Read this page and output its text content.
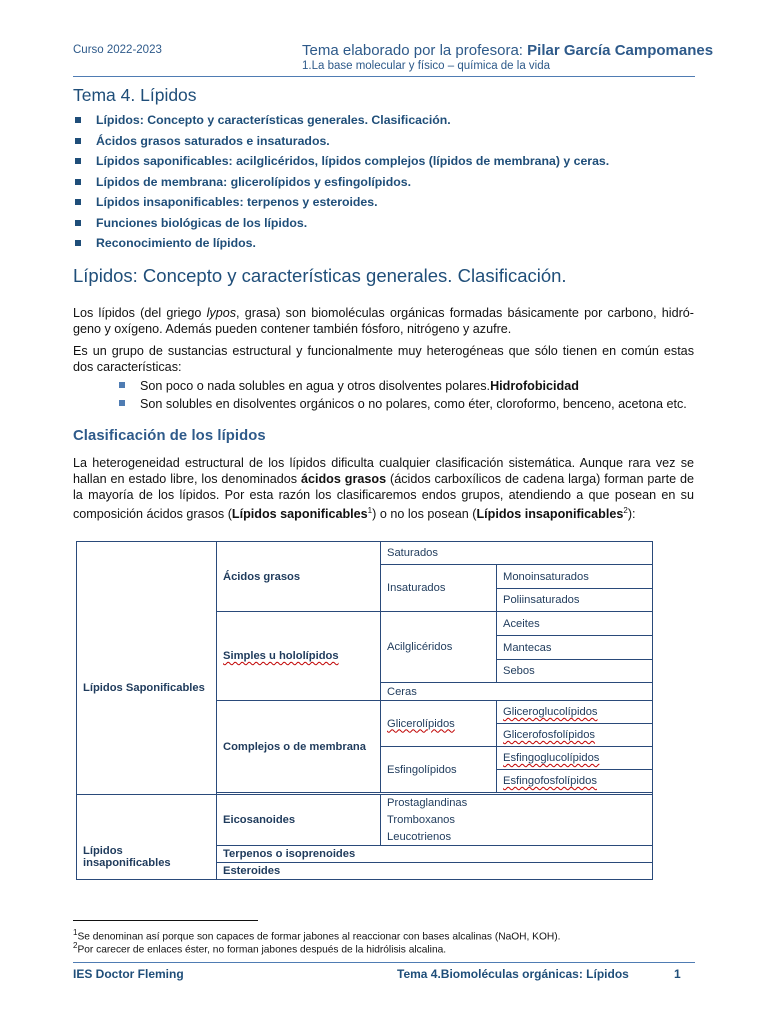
Curso 2022-2023	Tema elaborado por la profesora: Pilar García Campomanes
1.La base molecular y físico – química de la vida
Tema 4. Lípidos
Lípidos: Concepto y características generales. Clasificación.
Ácidos grasos saturados e insaturados.
Lípidos saponificables: acilglicéridos, lípidos complejos (lípidos de membrana) y ceras.
Lípidos de membrana: glicerolípidos y esfingolípidos.
Lípidos insaponificables: terpenos y esteroides.
Funciones biológicas de los lípidos.
Reconocimiento de lípidos.
Lípidos: Concepto y características generales. Clasificación.
Los lípidos (del griego lypos, grasa) son biomoléculas orgánicas formadas básicamente por carbono, hidró- geno y oxígeno. Además pueden contener también fósforo, nitrógeno y azufre.
Es un grupo de sustancias estructural y funcionalmente muy heterogéneas que sólo tienen en común estas dos características:
Son poco o nada solubles en agua y otros disolventes polares.Hidrofobicidad
Son solubles en disolventes orgánicos o no polares, como éter, cloroformo, benceno, acetona etc.
Clasificación de los lípidos
La heterogeneidad estructural de los lípidos dificulta cualquier clasificación sistemática. Aunque rara vez se hallan en estado libre, los denominados ácidos grasos (ácidos carboxílicos de cadena larga) forman parte de la mayoría de los lípidos. Por esta razón los clasificaremos endos grupos, atendiendo a que posean en su composición ácidos grasos (Lípidos saponificables$^1$) o no los posean (Lípidos insaponificables$^2$):
Lípidos Saponificables	Ácidos grasos	Saturados	
		Insaturados	Monoinsaturados
			Poliinsaturados
	Simples u hololípidos	Acilglicéridos	Aceites
			Mantecas
			Sebos
		Ceras	
	Complejos o de membrana	Glicerolípidos	Gliceroglucolípidos
			Glicerofosfolípidos
		Esfingolípidos	Esfingoglucolípidos
			Esfingofosfolípidos

Lípidos insaponificables	Eicosanoides	Prostaglandinas	
		Tromboxanos	
		Leucotrienos	
	Terpenos o isoprenoides		
	Esteroides		
$^1$Se denominan así porque son capaces de formar jabones al reaccionar con bases alcalinas (NaOH, KOH).
$^2$Por carecer de enlaces éster, no forman jabones después de la hidrólisis alcalina.
IES Doctor Fleming	Tema 4.Biomoléculas orgánicas: Lípidos	1
